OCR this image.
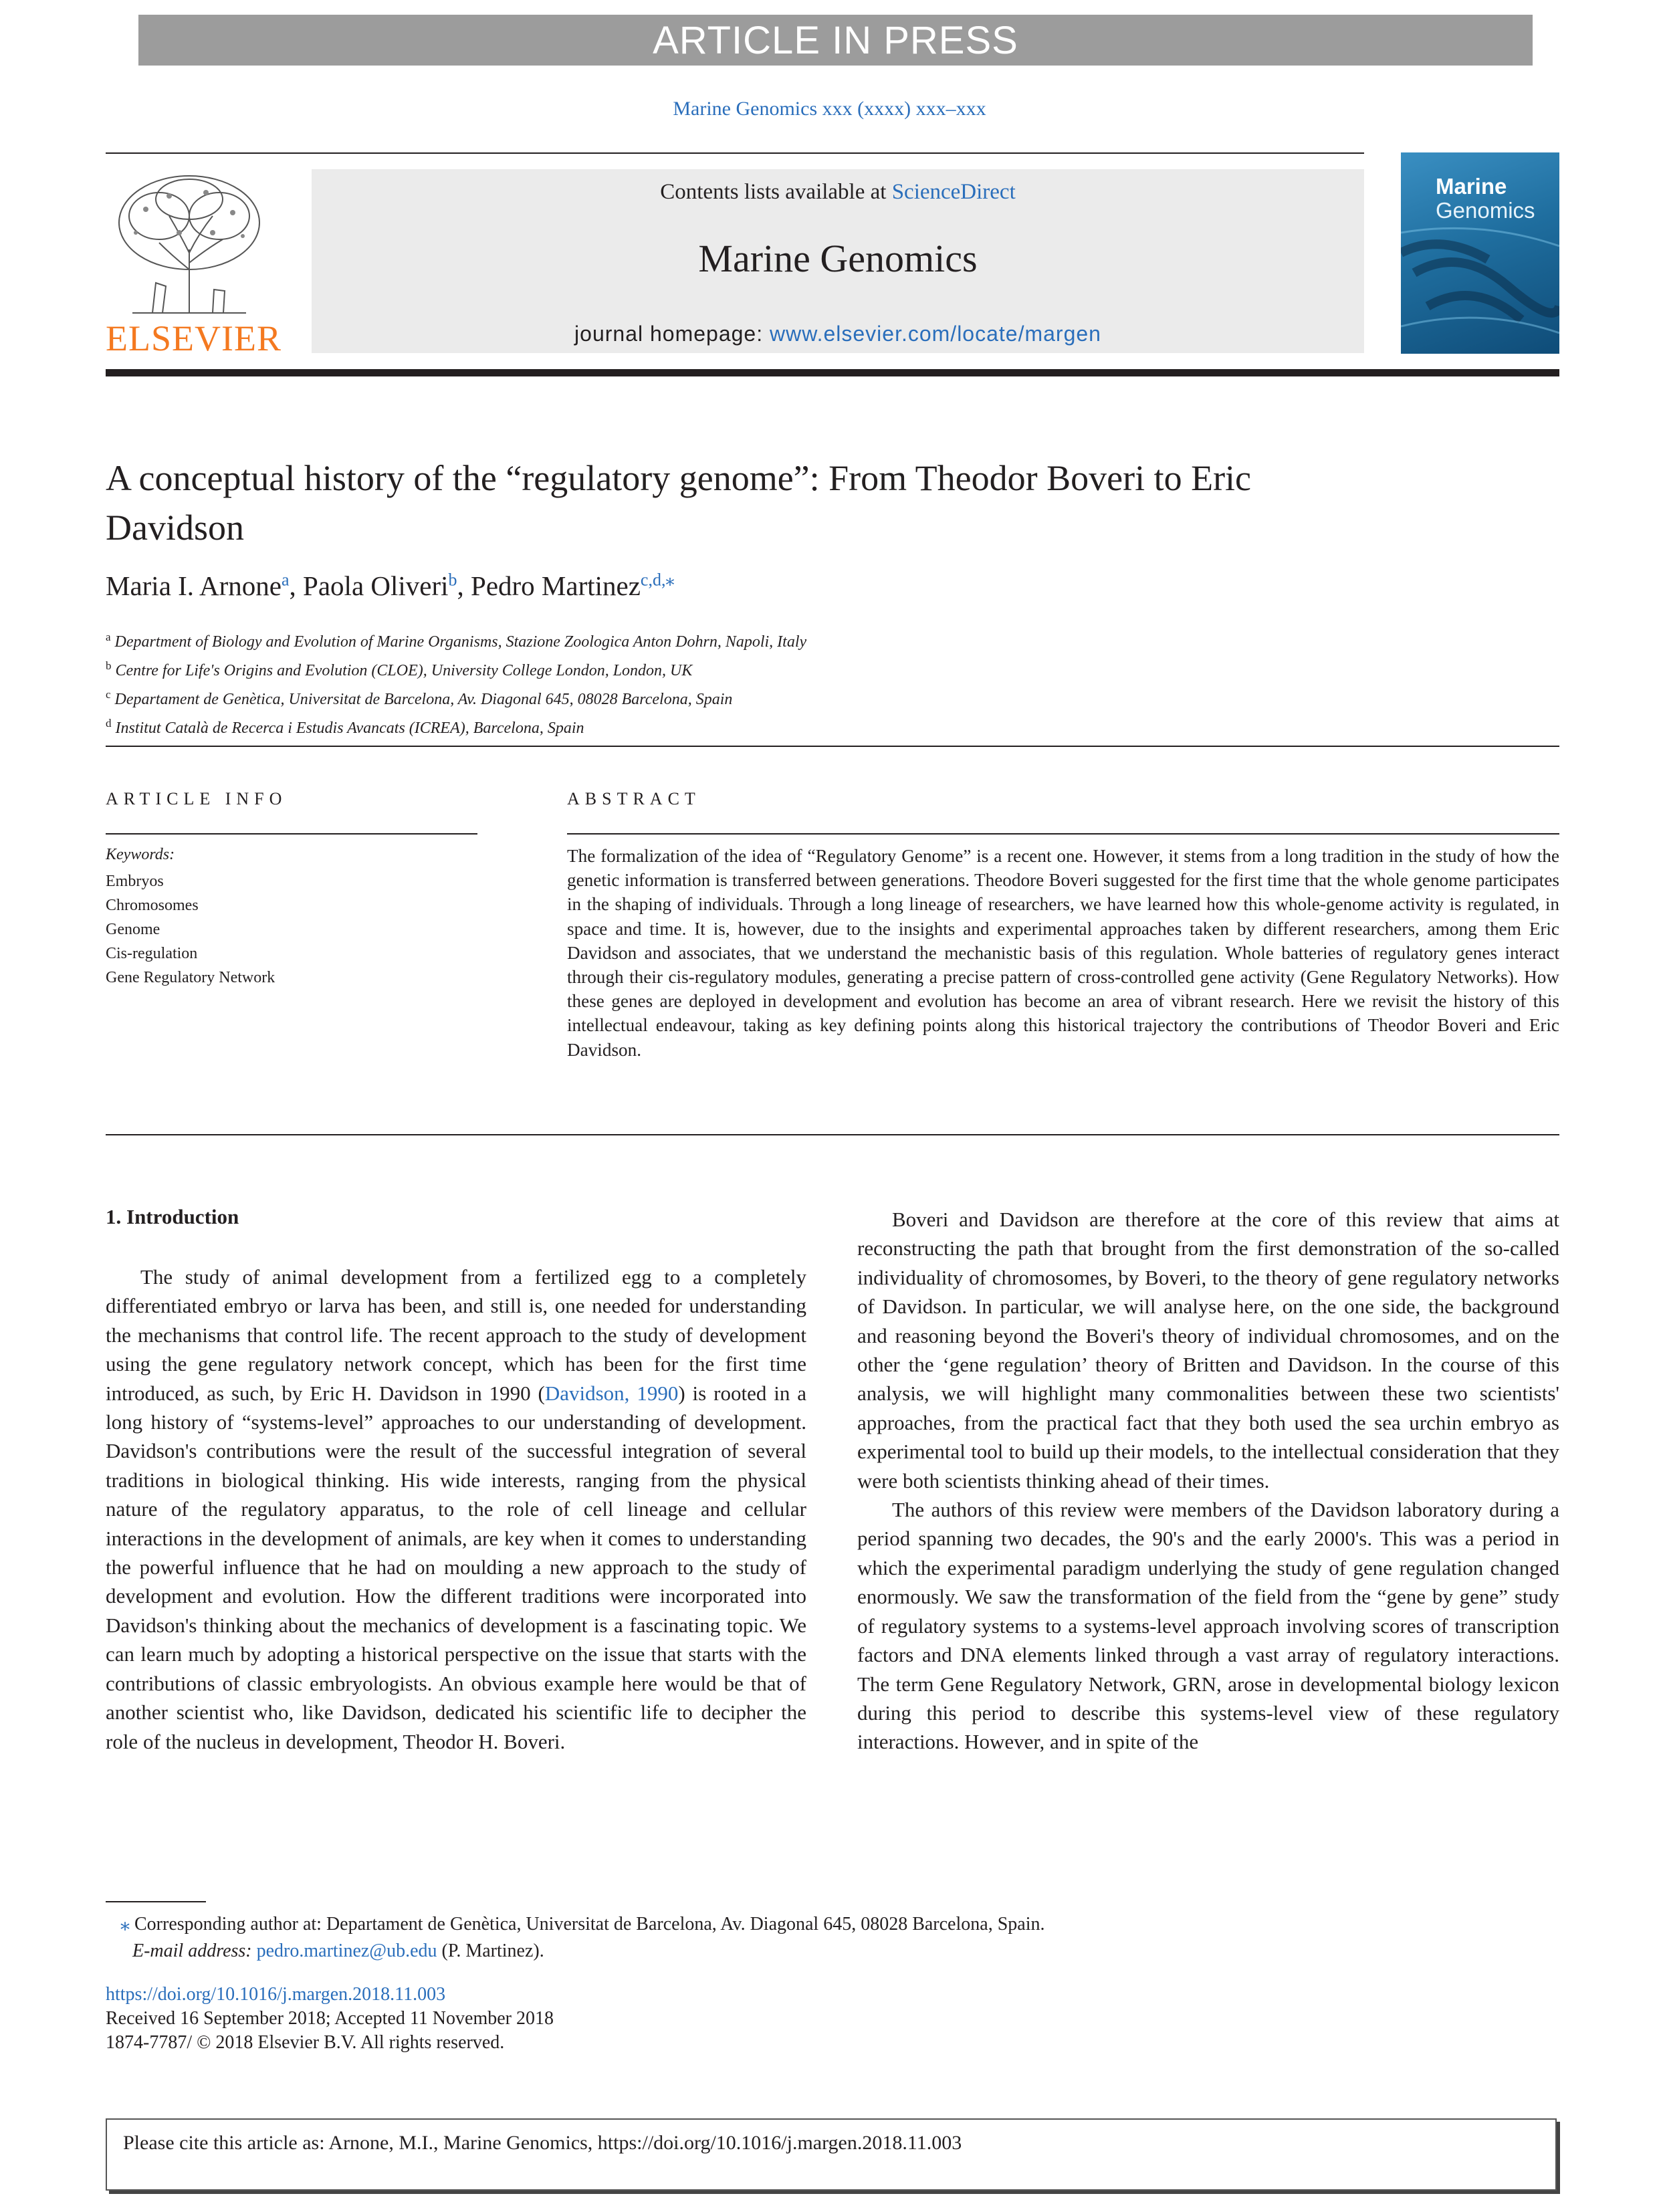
ARTICLE IN PRESS
Marine Genomics xxx (xxxx) xxx–xxx
ELSEVIER
Contents lists available at ScienceDirect
Marine Genomics
journal homepage: www.elsevier.com/locate/margen
Marine
Genomics
A conceptual history of the “regulatory genome”: From Theodor Boveri to Eric Davidson
Maria I. Arnone$^a$, Paola Oliveri$^b$, Pedro Martinez$^{c,d,⁎}$
$^a$ Department of Biology and Evolution of Marine Organisms, Stazione Zoologica Anton Dohrn, Napoli, Italy
$^b$ Centre for Life's Origins and Evolution (CLOE), University College London, London, UK
$^c$ Departament de Genètica, Universitat de Barcelona, Av. Diagonal 645, 08028 Barcelona, Spain
$^d$ Institut Català de Recerca i Estudis Avancats (ICREA), Barcelona, Spain
ARTICLE INFO
Keywords:
Embryos
Chromosomes
Genome
Cis-regulation
Gene Regulatory Network
ABSTRACT
The formalization of the idea of “Regulatory Genome” is a recent one. However, it stems from a long tradition in the study of how the genetic information is transferred between generations. Theodore Boveri suggested for the first time that the whole genome participates in the shaping of individuals. Through a long lineage of researchers, we have learned how this whole-genome activity is regulated, in space and time. It is, however, due to the insights and experimental approaches taken by different researchers, among them Eric Davidson and associates, that we understand the mechanistic basis of this regulation. Whole batteries of regulatory genes interact through their cis-regulatory modules, generating a precise pattern of cross-controlled gene activity (Gene Regulatory Networks). How these genes are deployed in development and evolution has become an area of vibrant research. Here we revisit the history of this intellectual endeavour, taking as key defining points along this historical trajectory the contributions of Theodor Boveri and Eric Davidson.
1. Introduction

The study of animal development from a fertilized egg to a completely differentiated embryo or larva has been, and still is, one needed for understanding the mechanisms that control life. The recent approach to the study of development using the gene regulatory network concept, which has been for the first time introduced, as such, by Eric H. Davidson in 1990 (Davidson, 1990) is rooted in a long history of “systems-level” approaches to our understanding of development. Davidson's contributions were the result of the successful integration of several traditions in biological thinking. His wide interests, ranging from the physical nature of the regulatory apparatus, to the role of cell lineage and cellular interactions in the development of animals, are key when it comes to understanding the powerful influence that he had on moulding a new approach to the study of development and evolution. How the different traditions were incorporated into Davidson's thinking about the mechanics of development is a fascinating topic. We can learn much by adopting a historical perspective on the issue that starts with the contributions of classic embryologists. An obvious example here would be that of another scientist who, like Davidson, dedicated his scientific life to decipher the role of the nucleus in development, Theodor H. Boveri.

Boveri and Davidson are therefore at the core of this review that aims at reconstructing the path that brought from the first demonstration of the so-called individuality of chromosomes, by Boveri, to the theory of gene regulatory networks of Davidson. In particular, we will analyse here, on the one side, the background and reasoning beyond the Boveri's theory of individual chromosomes, and on the other the ‘gene regulation’ theory of Britten and Davidson. In the course of this analysis, we will highlight many commonalities between these two scientists' approaches, from the practical fact that they both used the sea urchin embryo as experimental tool to build up their models, to the intellectual consideration that they were both scientists thinking ahead of their times.

The authors of this review were members of the Davidson laboratory during a period spanning two decades, the 90's and the early 2000's. This was a period in which the experimental paradigm underlying the study of gene regulation changed enormously. We saw the transformation of the field from the “gene by gene” study of regulatory systems to a systems-level approach involving scores of transcription factors and DNA elements linked through a vast array of regulatory interactions. The term Gene Regulatory Network, GRN, arose in developmental biology lexicon during this period to describe this systems-level view of these regulatory interactions. However, and in spite of the

⁎ Corresponding author at: Departament de Genètica, Universitat de Barcelona, Av. Diagonal 645, 08028 Barcelona, Spain.
E-mail address: pedro.martinez@ub.edu (P. Martinez).
https://doi.org/10.1016/j.margen.2018.11.003
Received 16 September 2018; Accepted 11 November 2018
1874-7787/ © 2018 Elsevier B.V. All rights reserved.
Please cite this article as: Arnone, M.I., Marine Genomics, https://doi.org/10.1016/j.margen.2018.11.003
